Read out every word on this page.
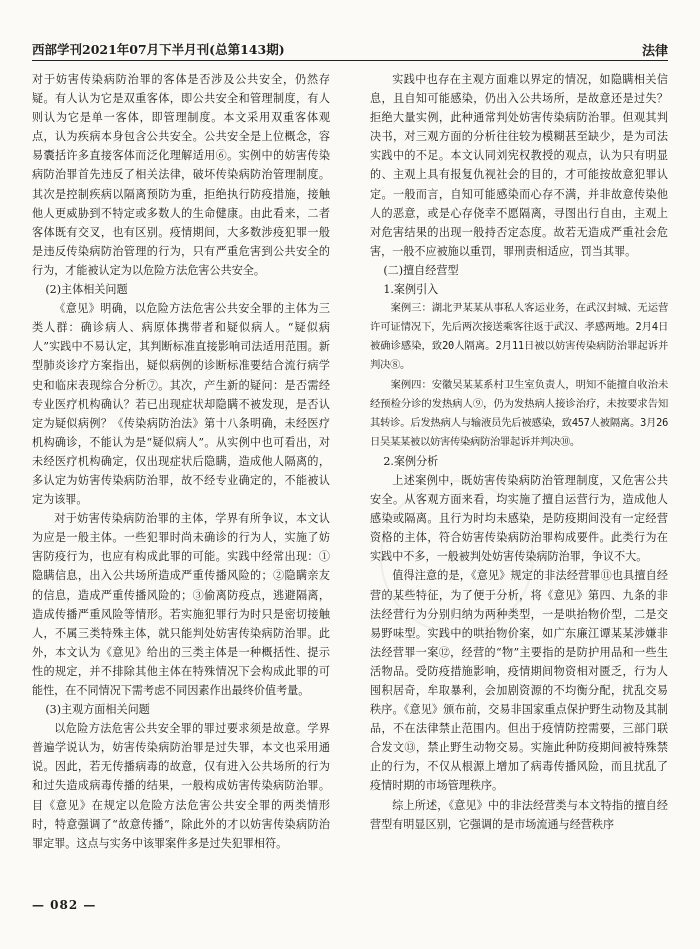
西部学刊2021年07月下半月刊(总第143期)	法律

对于妨害传染病防治罪的客体是否涉及公共安全，仍然存疑。有人认为它是双重客体，即公共安全和管理制度，有人则认为它是单一客体，即管理制度。本文采用双重客体观点，认为疾病本身包含公共安全。公共安全是上位概念，容易囊括许多直接客体而泛化理解适用⑥。实例中的妨害传染病防治罪首先违反了相关法律，破坏传染病防治管理制度。其次是控制疾病以隔离预防为重，拒绝执行防疫措施，接触他人更威胁到不特定或多数人的生命健康。由此看来，二者客体既有交叉，也有区别。疫情期间，大多数涉疫犯罪一般是违反传染病防治管理的行为，只有严重危害到公共安全的行为，才能被认定为以危险方法危害公共安全。

(2)主体相关问题

《意见》明确，以危险方法危害公共安全罪的主体为三类人群：确诊病人、病原体携带者和疑似病人。“疑似病人”实践中不易认定，其判断标准直接影响司法适用范围。新型肺炎诊疗方案指出，疑似病例的诊断标准要结合流行病学史和临床表现综合分析⑦。其次，产生新的疑问：是否需经专业医疗机构确认？若已出现症状却隐瞒不被发现，是否认定为疑似病例？《传染病防治法》第十八条明确，未经医疗机构确诊，不能认为是“疑似病人”。从实例中也可看出，对未经医疗机构确定，仅出现症状后隐瞒，造成他人隔离的，多认定为妨害传染病防治罪，故不经专业确定的，不能被认定为该罪。

对于妨害传染病防治罪的主体，学界有所争议，本文认为应是一般主体。一些犯罪时尚未确诊的行为人，实施了妨害防疫行为，也应有构成此罪的可能。实践中经常出现：①隐瞒信息，出入公共场所造成严重传播风险的；②隐瞒亲友的信息，造成严重传播风险的；③偷离防疫点，逃避隔离，造成传播严重风险等情形。若实施犯罪行为时只是密切接触人，不属三类特殊主体，就只能判处妨害传染病防治罪。此外，本文认为《意见》给出的三类主体是一种概括性、提示性的规定，并不排除其他主体在特殊情况下会构成此罪的可能性，在不同情况下需考虑不同因素作出最终价值考量。

(3)主观方面相关问题

以危险方法危害公共安全罪的罪过要求须是故意。学界普遍学说认为，妨害传染病防治罪是过失罪，本文也采用通说。因此，若无传播病毒的故意，仅有进入公共场所的行为和过失造成病毒传播的结果，一般构成妨害传染病防治罪。目《意见》在规定以危险方法危害公共安全罪的两类情形时，特意强调了“故意传播”，除此外的才以妨害传染病防治罪定罪。这点与实务中该罪案件多是过失犯罪相符。

实践中也存在主观方面难以界定的情况，如隐瞒相关信息，且自知可能感染，仍出入公共场所，是故意还是过失？拒绝大量实例，此种通常判处妨害传染病防治罪。但观其判决书，对三观方面的分析往往较为模糊甚至缺少，是为司法实践中的不足。本文认同刘宪权教授的观点，认为只有明显的、主观上具有报复仇视社会的目的，才可能按故意犯罪认定。一般而言，自知可能感染而心存不满，并非故意传染他人的恶意，或是心存侥幸不愿隔离，寻图出行自由，主观上对危害结果的出现一般持否定态度。故若无造成严重社会危害，一般不应被施以重罚，罪刑责相适应，罚当其罪。

(二)擅自经营型

1.案例引入

案例三：湖北尹某某从事私人客运业务，在武汉封城、无运营许可证情况下，先后两次接送乘客往返于武汉、孝感两地。2月4日被确诊感染，致20人隔离。2月11日被以妨害传染病防治罪起诉并判决⑧。

案例四：安徽吴某某系村卫生室负责人，明知不能擅自收治未经预检分诊的发热病人⑨，仍为发热病人接诊治疗，未按要求告知其转诊。后发热病人与输液员先后被感染，致457人被隔离。3月26日吴某某被以妨害传染病防治罪起诉并判决⑩。

2.案例分析

上述案例中，既妨害传染病防治管理制度，又危害公共安全。从客观方面来看，均实施了擅自运营行为，造成他人感染或隔离。且行为时均未感染，是防疫期间没有一定经营资格的主体，符合妨害传染病防治罪构成要件。此类行为在实践中不多，一般被判处妨害传染病防治罪，争议不大。

值得注意的是，《意见》规定的非法经营罪⑪也具擅自经营的某些特征，为了便于分析，将《意见》第四、九条的非法经营行为分别归纳为两种类型，一是哄抬物价型，二是交易野味型。实践中的哄抬物价案，如广东廉江谭某某涉嫌非法经营罪一案⑫，经营的“物”主要指的是防护用品和一些生活物品。受防疫措施影响，疫情期间物资相对匮乏，行为人囤积居奇，牟取暴利，会加剧资源的不均衡分配，扰乱交易秩序。《意见》颁布前，交易非国家重点保护野生动物及其制品，不在法律禁止范围内。但出于疫情防控需要，三部门联合发文⑬，禁止野生动物交易。实施此种防疫期间被特殊禁止的行为，不仅从根源上增加了病毒传播风险，而且扰乱了疫情时期的市场管理秩序。

综上所述，《意见》中的非法经营类与本文特指的擅自经营型有明显区别，它强调的是市场流通与经营秩序

— 082 —
